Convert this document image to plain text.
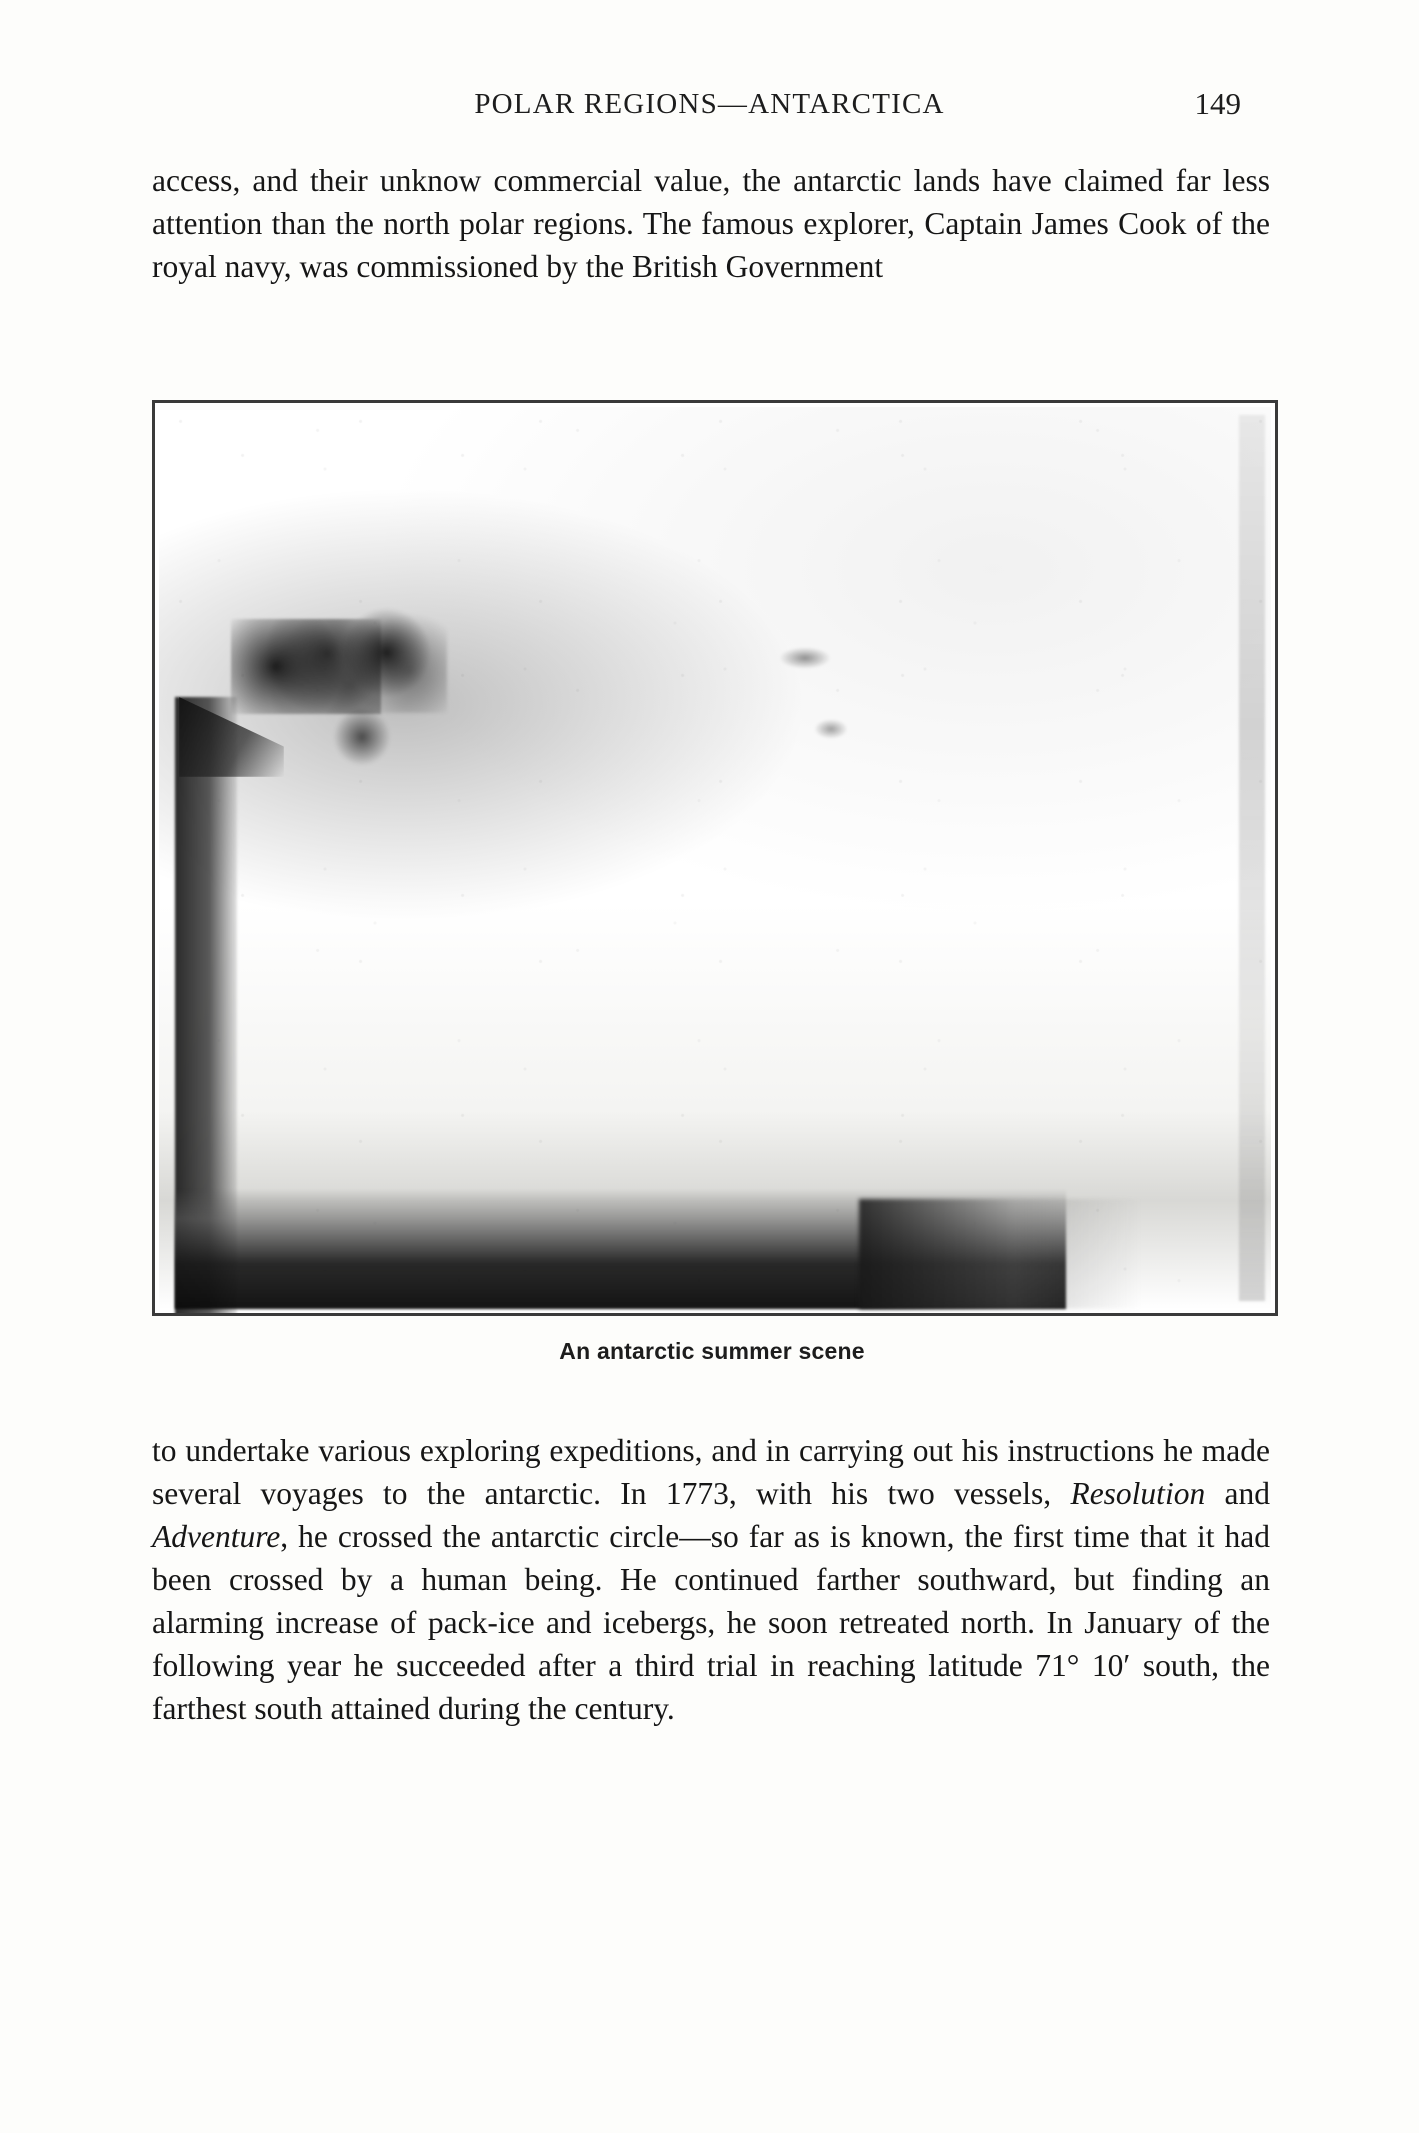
POLAR REGIONS—ANTARCTICA	149

access, and their unknow commercial value, the antarctic lands have claimed far less attention than the north polar regions. The famous explorer, Captain James Cook of the royal navy, was commissioned by the British Government

An antarctic summer scene

to undertake various exploring expeditions, and in carrying out his instructions he made several voyages to the antarctic. In 1773, with his two vessels, Resolution and Adventure, he crossed the antarctic circle—so far as is known, the first time that it had been crossed by a human being. He continued farther southward, but finding an alarming increase of pack-ice and icebergs, he soon retreated north. In January of the following year he succeeded after a third trial in reaching latitude 71° 10′ south, the farthest south attained during the century.
